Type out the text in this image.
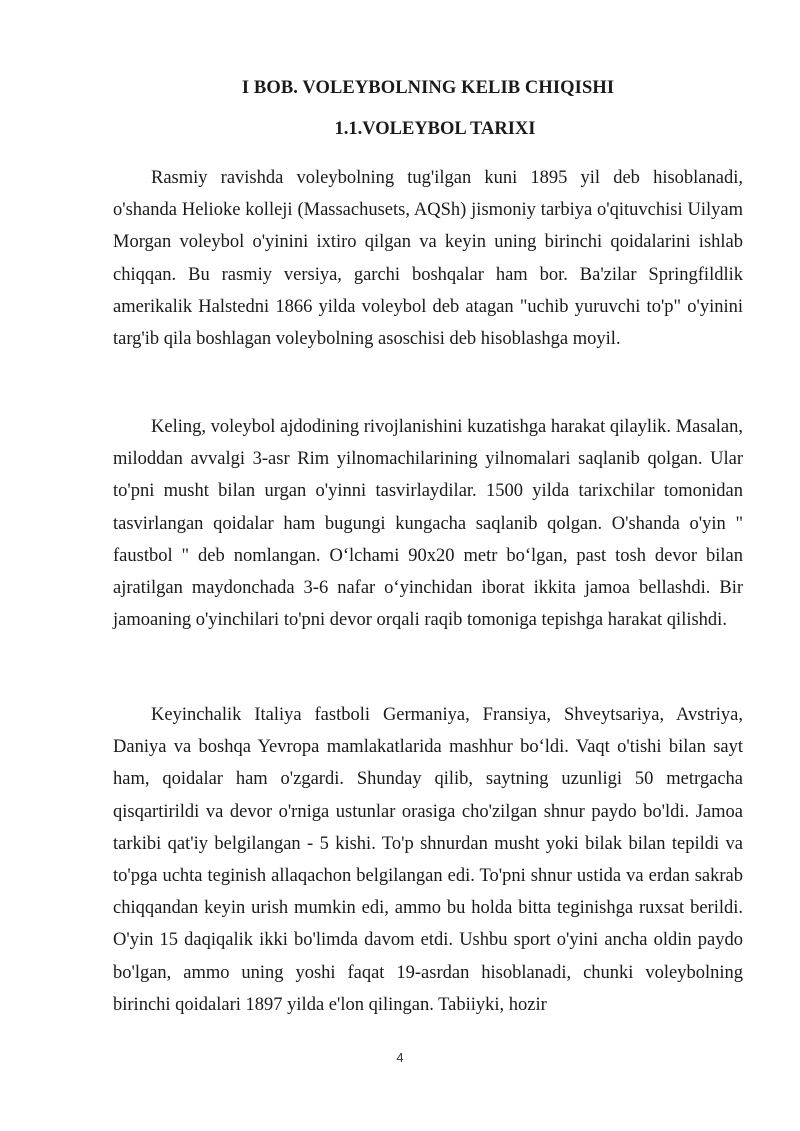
I BOB. VOLEYBOLNING KELIB CHIQISHI
1.1.VOLEYBOL TARIXI

Rasmiy ravishda voleybolning tug'ilgan kuni 1895 yil deb hisoblanadi, o'shanda Helioke kolleji (Massachusets, AQSh) jismoniy tarbiya o'qituvchisi Uilyam Morgan voleybol o'yinini ixtiro qilgan va keyin uning birinchi qoidalarini ishlab chiqqan. Bu rasmiy versiya, garchi boshqalar ham bor. Ba'zilar Springfildlik amerikalik Halstedni 1866 yilda voleybol deb atagan "uchib yuruvchi to'p" o'yinini targ'ib qila boshlagan voleybolning asoschisi deb hisoblashga moyil.

Keling, voleybol ajdodining rivojlanishini kuzatishga harakat qilaylik. Masalan, miloddan avvalgi 3-asr Rim yilnomachilarining yilnomalari saqlanib qolgan. Ular to'pni musht bilan urgan o'yinni tasvirlaydilar. 1500 yilda tarixchilar tomonidan tasvirlangan qoidalar ham bugungi kungacha saqlanib qolgan. O'shanda o'yin " faustbol " deb nomlangan. O‘lchami 90x20 metr bo‘lgan, past tosh devor bilan ajratilgan maydonchada 3-6 nafar o‘yinchidan iborat ikkita jamoa bellashdi. Bir jamoaning o'yinchilari to'pni devor orqali raqib tomoniga tepishga harakat qilishdi.

Keyinchalik Italiya fastboli Germaniya, Fransiya, Shveytsariya, Avstriya, Daniya va boshqa Yevropa mamlakatlarida mashhur bo‘ldi. Vaqt o'tishi bilan sayt ham, qoidalar ham o'zgardi. Shunday qilib, saytning uzunligi 50 metrgacha qisqartirildi va devor o'rniga ustunlar orasiga cho'zilgan shnur paydo bo'ldi. Jamoa tarkibi qat'iy belgilangan - 5 kishi. To'p shnurdan musht yoki bilak bilan tepildi va to'pga uchta teginish allaqachon belgilangan edi. To'pni shnur ustida va erdan sakrab chiqqandan keyin urish mumkin edi, ammo bu holda bitta teginishga ruxsat berildi. O'yin 15 daqiqalik ikki bo'limda davom etdi. Ushbu sport o'yini ancha oldin paydo bo'lgan, ammo uning yoshi faqat 19-asrdan hisoblanadi, chunki voleybolning birinchi qoidalari 1897 yilda e'lon qilingan. Tabiiyki, hozir

4
